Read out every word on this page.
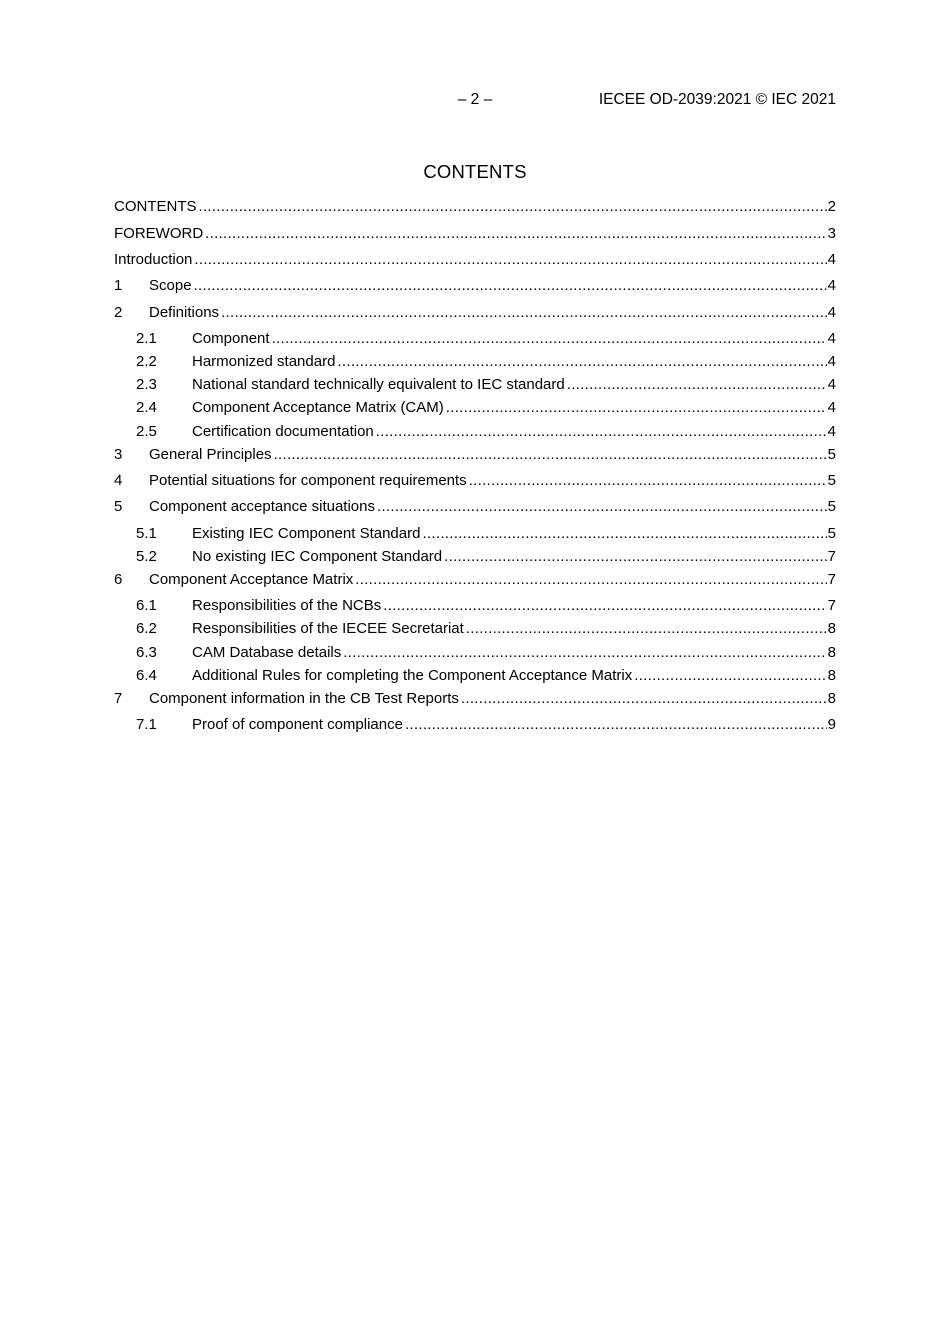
– 2 –	IECEE OD-2039:2021 © IEC 2021
CONTENTS
CONTENTS .....	2
FOREWORD .....	3
Introduction .....	4
1	Scope .....	4
2	Definitions .....	4
2.1	Component .....	4
2.2	Harmonized standard .....	4
2.3	National standard technically equivalent to IEC standard .....	4
2.4	Component Acceptance Matrix (CAM) .....	4
2.5	Certification documentation .....	4
3	General Principles .....	5
4	Potential situations for component requirements .....	5
5	Component acceptance situations .....	5
5.1	Existing IEC Component Standard .....	5
5.2	No existing IEC Component Standard .....	7
6	Component Acceptance Matrix .....	7
6.1	Responsibilities of the NCBs .....	7
6.2	Responsibilities of the IECEE Secretariat .....	8
6.3	CAM Database details .....	8
6.4	Additional Rules for completing the Component Acceptance Matrix .....	8
7	Component information in the CB Test Reports .....	8
7.1	Proof of component compliance .....	9
